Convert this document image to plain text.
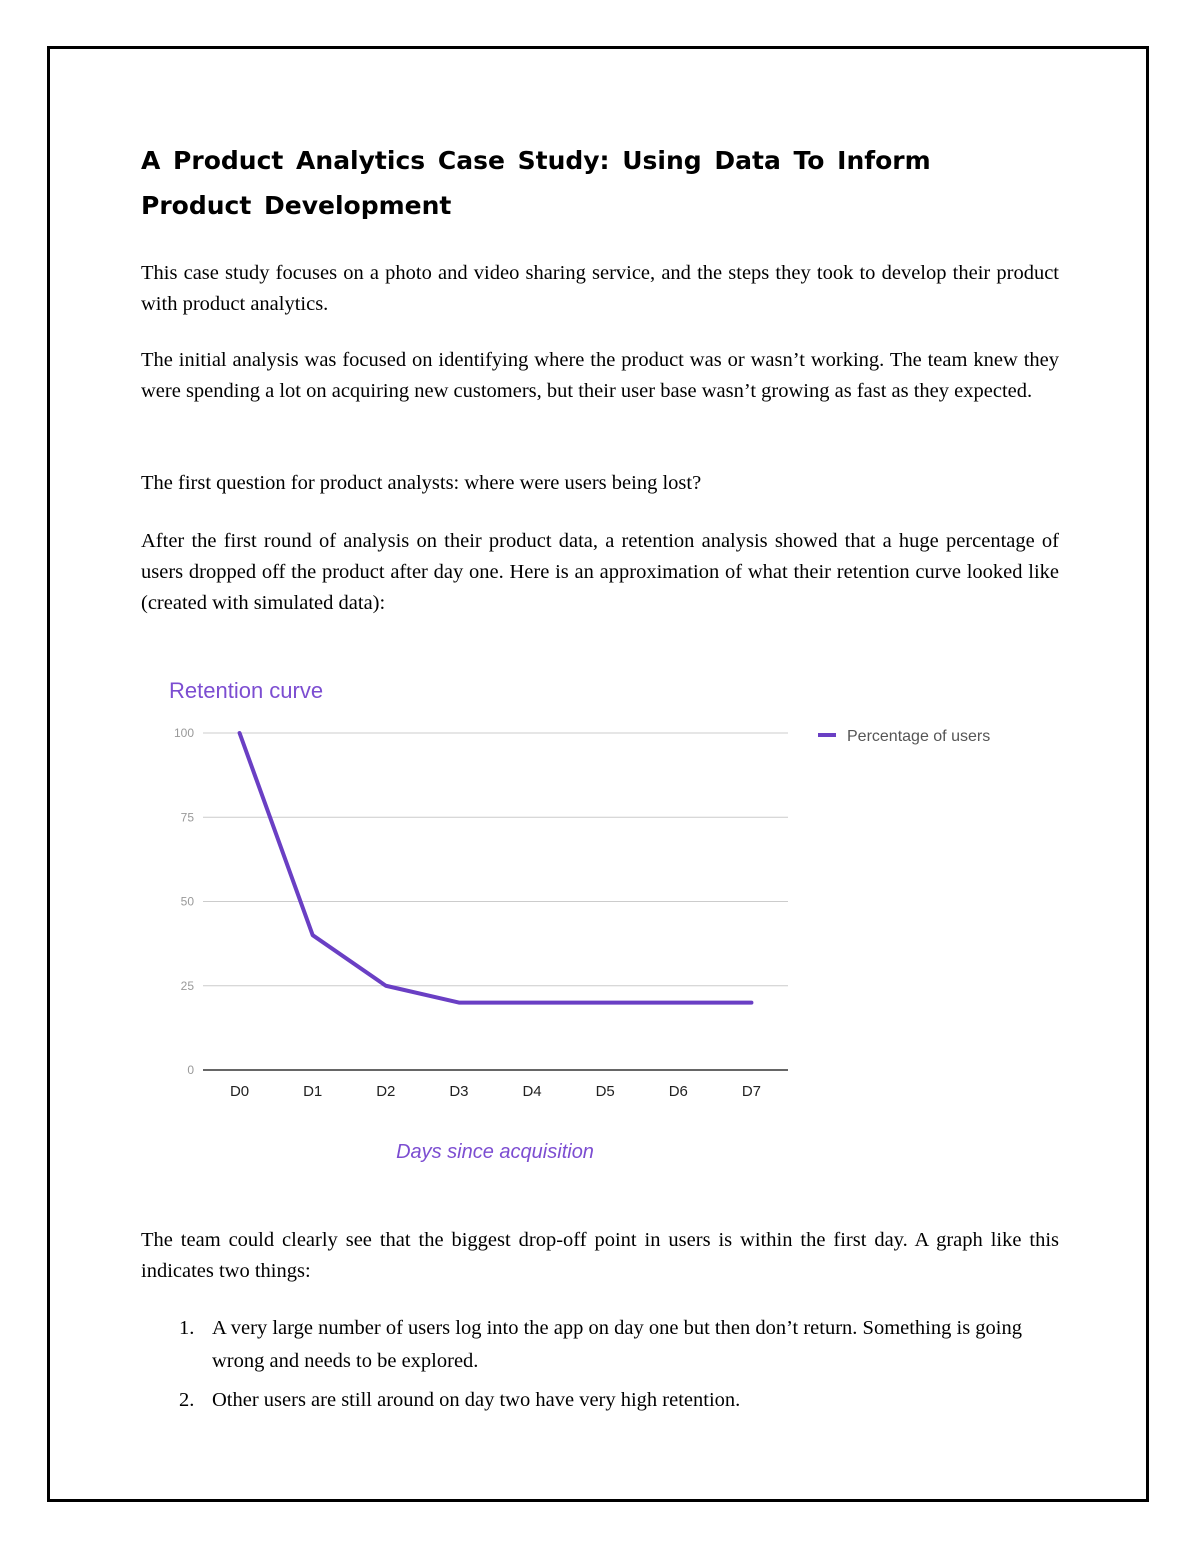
A Product Analytics Case Study: Using Data To Inform Product Development

This case study focuses on a photo and video sharing service, and the steps they took to develop their product with product analytics.

The initial analysis was focused on identifying where the product was or wasn’t working. The team knew they were spending a lot on acquiring new customers, but their user base wasn’t growing as fast as they expected.

The first question for product analysts: where were users being lost?

After the first round of analysis on their product data, a retention analysis showed that a huge percentage of users dropped off the product after day one. Here is an approximation of what their retention curve looked like (created with simulated data):

Retention curve
0
25
50
75
100
D0	D1	D2	D3	D4	D5	D6	D7
Percentage of users
Days since acquisition

The team could clearly see that the biggest drop-off point in users is within the first day. A graph like this indicates two things:

1. A very large number of users log into the app on day one but then don’t return. Something is going wrong and needs to be explored.
2. Other users are still around on day two have very high retention.
